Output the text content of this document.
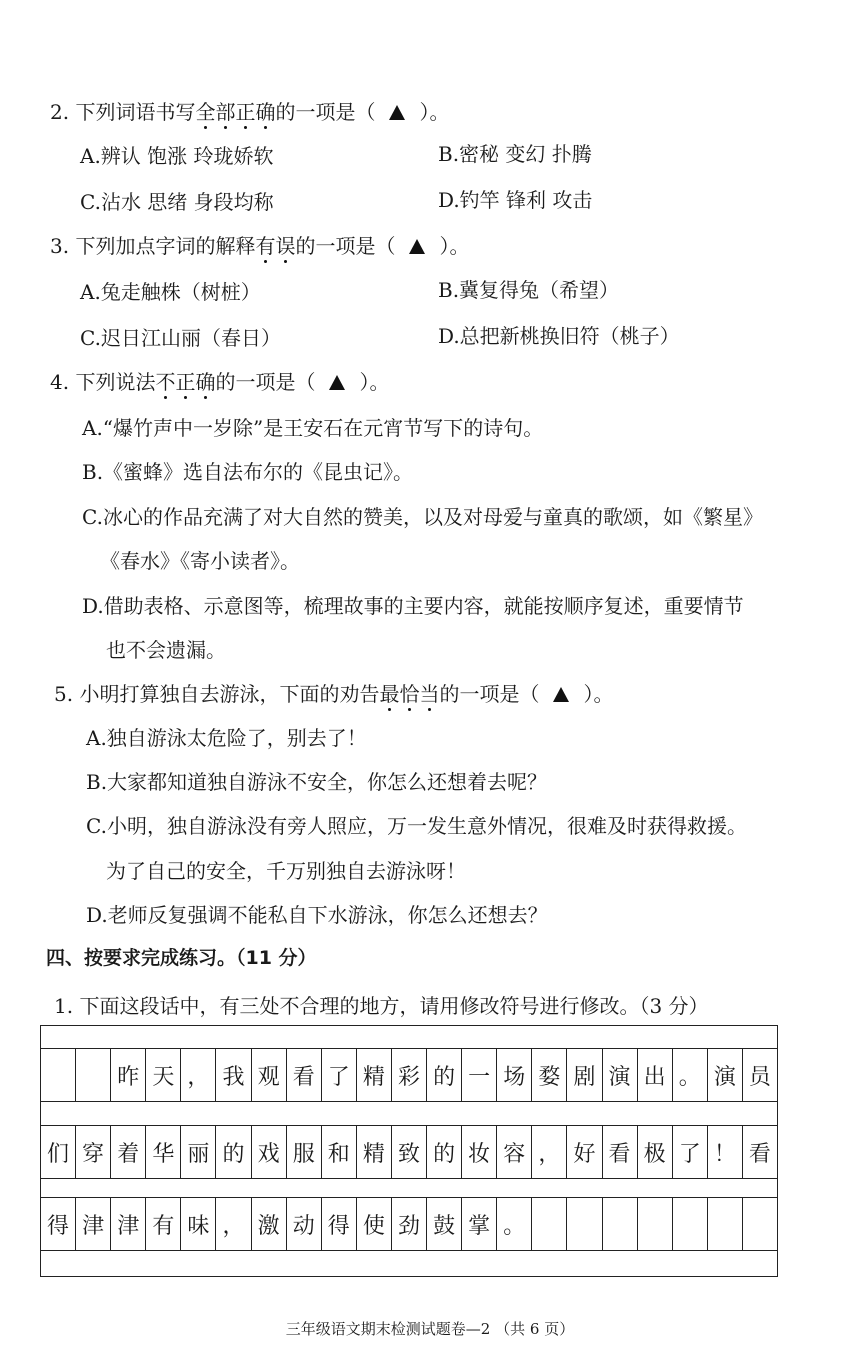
2. 下列词语书写全部正确的一项是（ ）。
A.辨认 饱涨 玲珑娇软	B.密秘 变幻 扑腾
C.沾水 思绪 身段均称	D.钓竿 锋利 攻击
3. 下列加点字词的解释有误的一项是（ ）。
A.兔走触株（树桩）	B.冀复得兔（希望）
C.迟日江山丽（春日）	D.总把新桃换旧符（桃子）
4. 下列说法不正确的一项是（ ）。
A.“爆竹声中一岁除”是王安石在元宵节写下的诗句。
B.《蜜蜂》选自法布尔的《昆虫记》。
C.冰心的作品充满了对大自然的赞美，以及对母爱与童真的歌颂，如《繁星》
《春水》《寄小读者》。
D.借助表格、示意图等，梳理故事的主要内容，就能按顺序复述，重要情节
也不会遗漏。
5. 小明打算独自去游泳，下面的劝告最恰当的一项是（ ）。
A.独自游泳太危险了，别去了！
B.大家都知道独自游泳不安全，你怎么还想着去呢？
C.小明，独自游泳没有旁人照应，万一发生意外情况，很难及时获得救援。
为了自己的安全，千万别独自去游泳呀！
D.老师反复强调不能私自下水游泳，你怎么还想去？
四、按要求完成练习。（11 分）
1. 下面这段话中，有三处不合理的地方，请用修改符号进行修改。（3 分）
昨 天 ， 我 观 看 了 精 彩 的 一 场 婺 剧 演 出 。 演 员
们 穿 着 华 丽 的 戏 服 和 精 致 的 妆 容 ， 好 看 极 了 ！ 看
得 津 津 有 味 ， 激 动 得 使 劲 鼓 掌 。
三年级语文期末检测试题卷—2 （共 6 页）
